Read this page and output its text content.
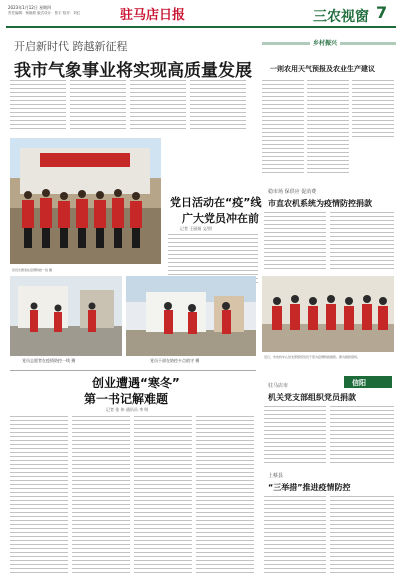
2023年1月12日 星期四
责任编辑：杨晓莉 版式设计：张宇 校对：刘红	驻马店日报	三农视窗 7
开启新时代 跨越新征程
我市气象事业将实现高质量发展
党日活动在“疫”线
广大党员冲在前
记者 王丽娟 文/图
乡村振兴
一则农用天气预报及农业生产建议
稳市场 保供应 促消费
市直农机系统为疫情防控捐款
党员志愿者在疫情防控一线 摄
党员志愿者在疫情防控一线 摄	党员干部在防控卡点值守 摄
近日，市农机中心党支部组织党员干部为疫情防控捐款。图为捐款现场。
信阳
创业遭遇“寒冬”
第一书记解难题
记者 张 伟 通讯员 李 明
驻马店市
机关党支部组织党员捐款
上蔡县
“三举措”推进疫情防控
